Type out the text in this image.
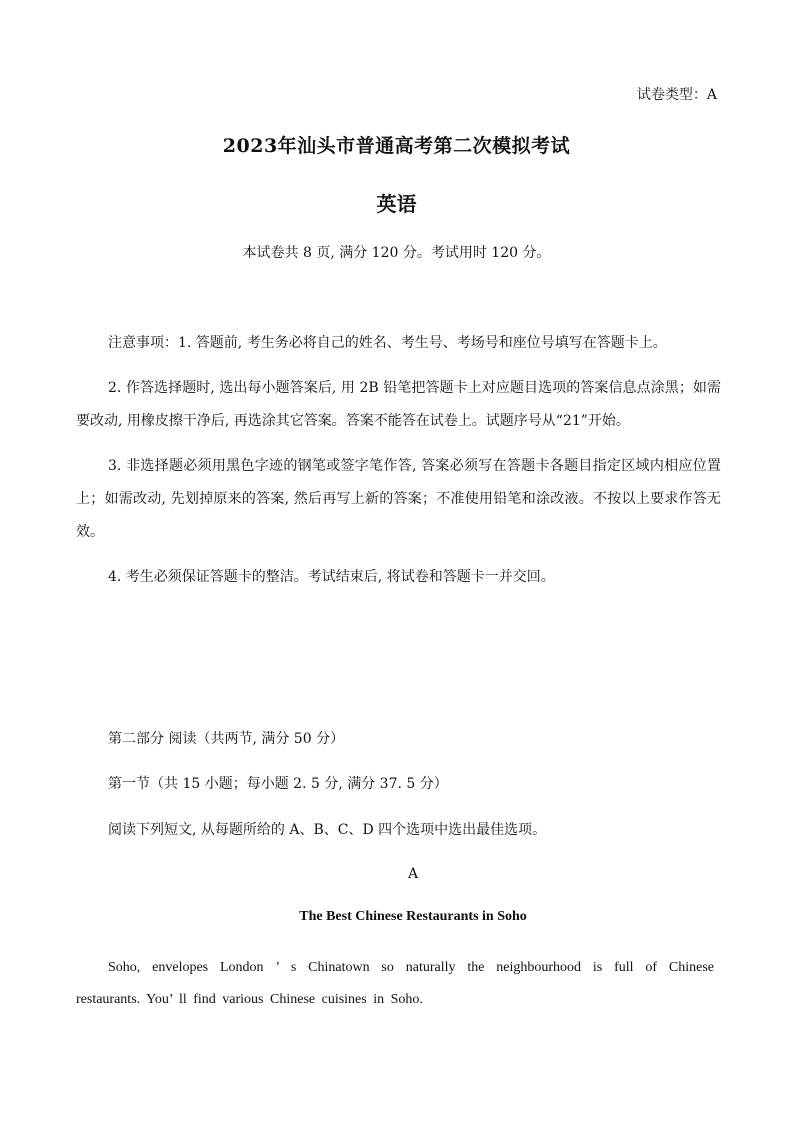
试卷类型：A
2023年汕头市普通高考第二次模拟考试
英语
本试卷共 8 页, 满分 120 分。考试用时 120 分。

注意事项：1. 答题前, 考生务必将自己的姓名、考生号、考场号和座位号填写在答题卡上。

2. 作答选择题时, 选出每小题答案后, 用 2B 铅笔把答题卡上对应题目选项的答案信息点涂黑；如需要改动, 用橡皮擦干净后, 再选涂其它答案。答案不能答在试卷上。试题序号从“21”开始。

3. 非选择题必须用黑色字迹的钢笔或签字笔作答, 答案必须写在答题卡各题目指定区域内相应位置上；如需改动, 先划掉原来的答案, 然后再写上新的答案；不准使用铅笔和涂改液。不按以上要求作答无效。

4. 考生必须保证答题卡的整洁。考试结束后, 将试卷和答题卡一并交回。

第二部分 阅读（共两节, 满分 50 分）
第一节（共 15 小题；每小题 2. 5 分, 满分 37. 5 分）
阅读下列短文, 从每题所给的 A、B、C、D 四个选项中选出最佳选项。
A
The Best Chinese Restaurants in Soho

Soho, envelopes London ’ s Chinatown so naturally the neighbourhood is full of Chinese restaurants. You’ ll find various Chinese cuisines in Soho.
